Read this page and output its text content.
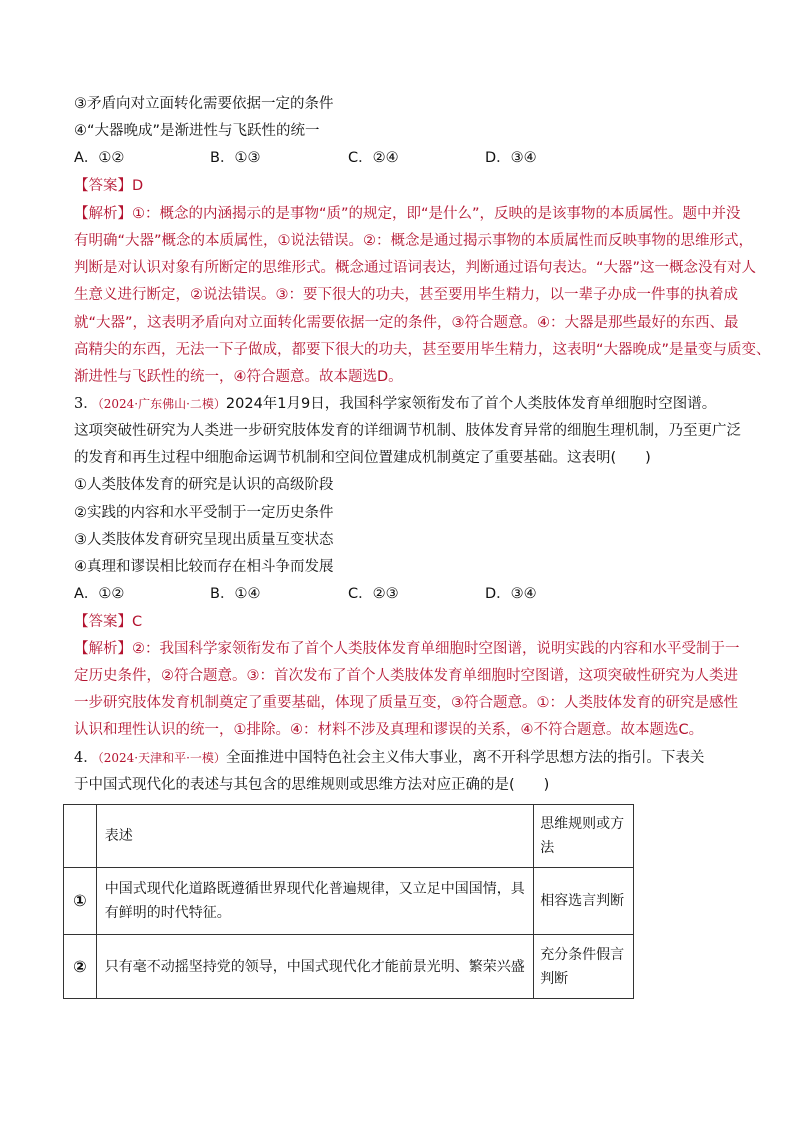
③矛盾向对立面转化需要依据一定的条件
④“大器晚成”是渐进性与飞跃性的统一
A．①②	B．①③	C．②④	D．③④
【答案】D
【解析】①：概念的内涵揭示的是事物“质”的规定，即“是什么”，反映的是该事物的本质属性。题中并没
有明确“大器”概念的本质属性，①说法错误。②：概念是通过揭示事物的本质属性而反映事物的思维形式，
判断是对认识对象有所断定的思维形式。概念通过语词表达，判断通过语句表达。“大器”这一概念没有对人
生意义进行断定，②说法错误。③：要下很大的功夫，甚至要用毕生精力，以一辈子办成一件事的执着成
就“大器”，这表明矛盾向对立面转化需要依据一定的条件，③符合题意。④：大器是那些最好的东西、最
高精尖的东西，无法一下子做成，都要下很大的功夫，甚至要用毕生精力，这表明“大器晚成”是量变与质变、
渐进性与飞跃性的统一，④符合题意。故本题选D。
3．（2024·广东佛山·二模）2024年1月9日，我国科学家领衔发布了首个人类肢体发育单细胞时空图谱。
这项突破性研究为人类进一步研究肢体发育的详细调节机制、肢体发育异常的细胞生理机制，乃至更广泛
的发育和再生过程中细胞命运调节机制和空间位置建成机制奠定了重要基础。这表明(　　)
①人类肢体发育的研究是认识的高级阶段
②实践的内容和水平受制于一定历史条件
③人类肢体发育研究呈现出质量互变状态
④真理和谬误相比较而存在相斗争而发展
A．①②	B．①④	C．②③	D．③④
【答案】C
【解析】②：我国科学家领衔发布了首个人类肢体发育单细胞时空图谱，说明实践的内容和水平受制于一
定历史条件，②符合题意。③：首次发布了首个人类肢体发育单细胞时空图谱，这项突破性研究为人类进
一步研究肢体发育机制奠定了重要基础，体现了质量互变，③符合题意。①：人类肢体发育的研究是感性
认识和理性认识的统一，①排除。④：材料不涉及真理和谬误的关系，④不符合题意。故本题选C。
4．（2024·天津和平·一模）全面推进中国特色社会主义伟大事业，离不开科学思想方法的指引。下表关
于中国式现代化的表述与其包含的思维规则或思维方法对应正确的是(　　)
	表述	思维规则或方法
①	中国式现代化道路既遵循世界现代化普遍规律，又立足中国国情，具有鲜明的时代特征。	相容选言判断
②	只有毫不动摇坚持党的领导，中国式现代化才能前景光明、繁荣兴盛	充分条件假言判断
